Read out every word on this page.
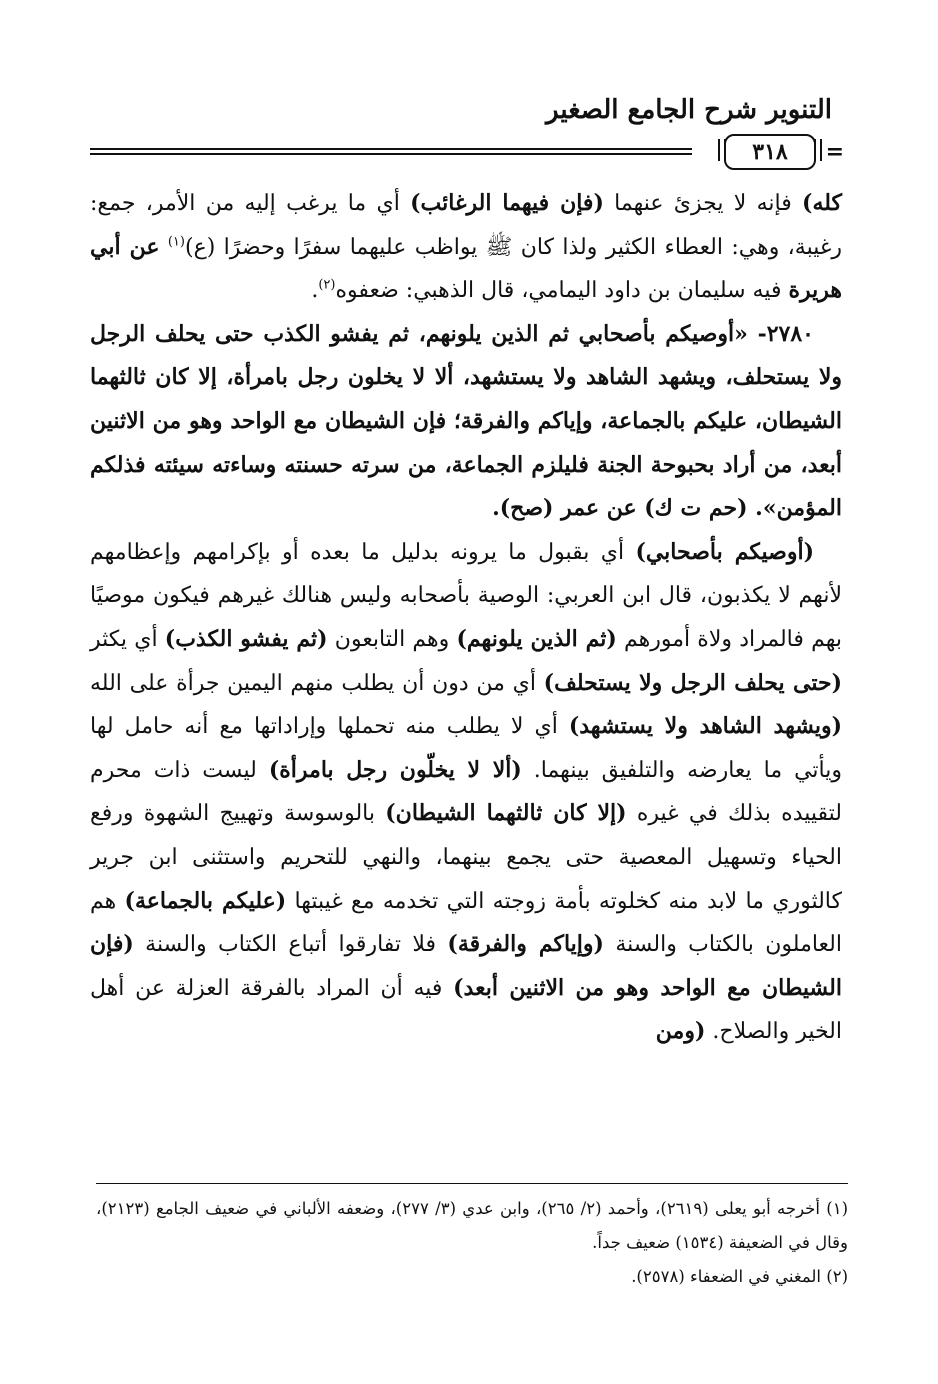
التنوير شرح الجامع الصغير
=
٣١٨

كله) فإنه لا يجزئ عنهما (فإن فيهما الرغائب) أي ما يرغب إليه من الأمر، جمع: رغيبة، وهي: العطاء الكثير ولذا كان ﷺ يواظب عليهما سفرًا وحضرًا (ع)$^{(١)}$ عن أبي هريرة فيه سليمان بن داود اليمامي، قال الذهبي: ضعفوه$^{(٢)}$.

٢٧٨٠- «أوصيكم بأصحابي ثم الذين يلونهم، ثم يفشو الكذب حتى يحلف الرجل ولا يستحلف، ويشهد الشاهد ولا يستشهد، ألا لا يخلون رجل بامرأة، إلا كان ثالثهما الشيطان، عليكم بالجماعة، وإياكم والفرقة؛ فإن الشيطان مع الواحد وهو من الاثنين أبعد، من أراد بحبوحة الجنة فليلزم الجماعة، من سرته حسنته وساءته سيئته فذلكم المؤمن». (حم ت ك) عن عمر (صح).

(أوصيكم بأصحابي) أي بقبول ما يرونه بدليل ما بعده أو بإكرامهم وإعظامهم لأنهم لا يكذبون، قال ابن العربي: الوصية بأصحابه وليس هنالك غيرهم فيكون موصيًا بهم فالمراد ولاة أمورهم (ثم الذين يلونهم) وهم التابعون (ثم يفشو الكذب) أي يكثر (حتى يحلف الرجل ولا يستحلف) أي من دون أن يطلب منهم اليمين جرأة على الله (ويشهد الشاهد ولا يستشهد) أي لا يطلب منه تحملها وإراداتها مع أنه حامل لها ويأتي ما يعارضه والتلفيق بينهما. (ألا لا يخلّون رجل بامرأة) ليست ذات محرم لتقييده بذلك في غيره (إلا كان ثالثهما الشيطان) بالوسوسة وتهييج الشهوة ورفع الحياء وتسهيل المعصية حتى يجمع بينهما، والنهي للتحريم واستثنى ابن جرير كالثوري ما لابد منه كخلوته بأمة زوجته التي تخدمه مع غيبتها (عليكم بالجماعة) هم العاملون بالكتاب والسنة (وإياكم والفرقة) فلا تفارقوا أتباع الكتاب والسنة (فإن الشيطان مع الواحد وهو من الاثنين أبعد) فيه أن المراد بالفرقة العزلة عن أهل الخير والصلاح. (ومن

(١) أخرجه أبو يعلى (٢٦١٩)، وأحمد (٢/ ٢٦٥)، وابن عدي (٣/ ٢٧٧)، وضعفه الألباني في ضعيف الجامع (٢١٢٣)، وقال في الضعيفة (١٥٣٤) ضعيف جداً.

(٢) المغني في الضعفاء (٢٥٧٨).
